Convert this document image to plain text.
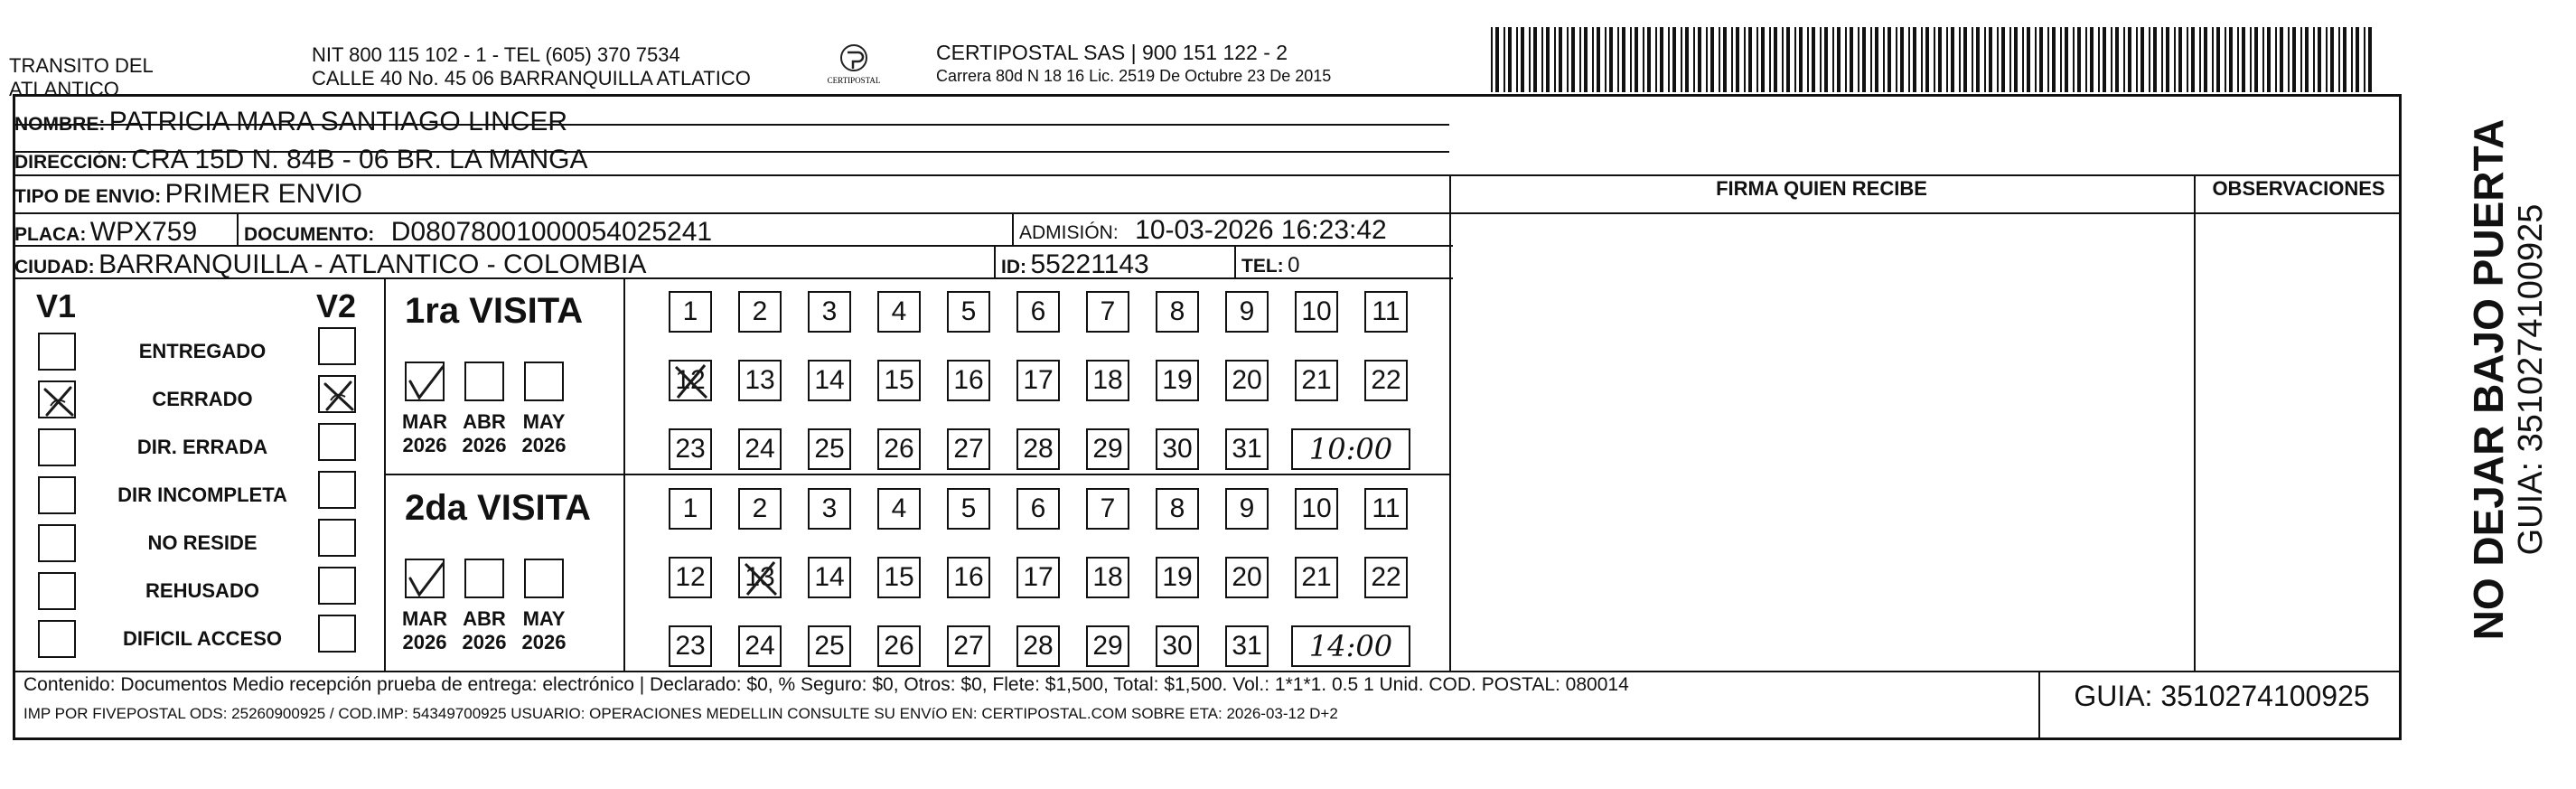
TRANSITO DEL
ATLANTICO
NIT 800 115 102 - 1 - TEL (605) 370 7534
CALLE 40 No. 45 06 BARRANQUILLA ATLATICO	CERTIPOSTAL
CERTIPOSTAL SAS | 900 151 122 - 2
Carrera 80d N 18 16 Lic. 2519 De Octubre 23 De 2015
NOMBRE: PATRICIA MARA SANTIAGO LINCER
DIRECCIÓN: CRA 15D N. 84B - 06 BR. LA MANGA
TIPO DE ENVIO: PRIMER ENVIO
PLACA: WPX759 DOCUMENTO: D08078001000054025241	ADMISIÓN: 10-03-2026 16:23:42
CIUDAD: BARRANQUILLA - ATLANTICO - COLOMBIA	ID: 55221143	TEL: 0
FIRMA QUIEN RECIBE	OBSERVACIONES
V1	V2
ENTREGADO
CERRADO
DIR. ERRADA
DIR INCOMPLETA
NO RESIDE
REHUSADO
DIFICIL ACCESO
1ra VISITA
MAR
2026
ABR
2026
MAY
2026
1	2	3	4	5	6	7	8	9	10 11
12 13 14 15 16 17 18 19 20 21 22
23 24 25 26 27 28 29 30 31	10:00
2da VISITA
MAR
2026
ABR
2026
MAY
2026
1	2	3	4	5	6	7	8	9	10 11
12 13 14 15 16 17 18 19 20 21 22
23 24 25 26 27 28 29 30 31	14:00
Contenido: Documentos Medio recepción prueba de entrega: electrónico | Declarado: $0, % Seguro: $0, Otros: $0, Flete: $1,500, Total: $1,500. Vol.: 1*1*1. 0.5 1 Unid. COD. POSTAL: 080014
IMP POR FIVEPOSTAL ODS: 25260900925 / COD.IMP: 54349700925 USUARIO: OPERACIONES MEDELLIN CONSULTE SU ENVíO EN: CERTIPOSTAL.COM SOBRE ETA: 2026-03-12 D+2
GUIA: 3510274100925
NO DEJAR BAJO PUERTA GUIA: 3510274100925
